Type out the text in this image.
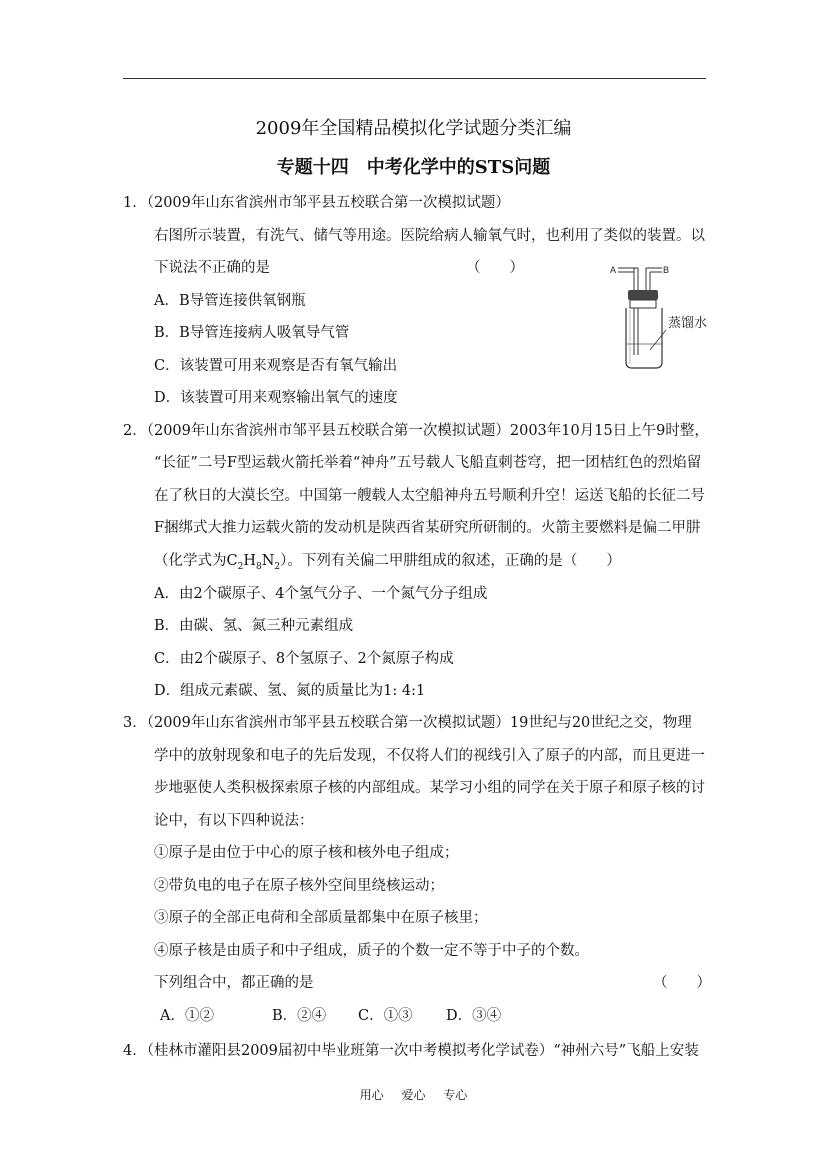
2009年全国精品模拟化学试题分类汇编
专题十四　中考化学中的STS问题
1．（2009年山东省滨州市邹平县五校联合第一次模拟试题）
右图所示装置，有洗气、储气等用途。医院给病人输氧气时，也利用了类似的装置。以
下说法不正确的是	（　　）
A．B导管连接供氧钢瓶
B．B导管连接病人吸氧导气管
C．该装置可用来观察是否有氧气输出
D．该装置可用来观察输出氧气的速度
A	B
蒸馏水
2．（2009年山东省滨州市邹平县五校联合第一次模拟试题）2003年10月15日上午9时整，
“长征”二号F型运载火箭托举着“神舟”五号载人飞船直刺苍穹，把一团桔红色的烈焰留
在了秋日的大漠长空。中国第一艘载人太空船神舟五号顺利升空！运送飞船的长征二号
F捆绑式大推力运载火箭的发动机是陕西省某研究所研制的。火箭主要燃料是偏二甲肼
（化学式为$C_2H_8N_2$）。下列有关偏二甲肼组成的叙述，正确的是（　　）
A．由2个碳原子、4个氢气分子、一个氮气分子组成
B．由碳、氢、氮三种元素组成
C．由2个碳原子、8个氢原子、2个氮原子构成
D．组成元素碳、氢、氮的质量比为1: 4:1
3．（2009年山东省滨州市邹平县五校联合第一次模拟试题）19世纪与20世纪之交，物理
学中的放射现象和电子的先后发现，不仅将人们的视线引入了原子的内部，而且更进一
步地驱使人类积极探索原子核的内部组成。某学习小组的同学在关于原子和原子核的讨
论中，有以下四种说法：
①原子是由位于中心的原子核和核外电子组成；
②带负电的电子在原子核外空间里绕核运动；
③原子的全部正电荷和全部质量都集中在原子核里；
④原子核是由质子和中子组成，质子的个数一定不等于中子的个数。
下列组合中，都正确的是	（　　）
A．①②	B．②④ C．①③ D．③④
4．（桂林市灌阳县2009届初中毕业班第一次中考模拟考化学试卷）“神州六号”飞船上安装
用心 爱心 专心
